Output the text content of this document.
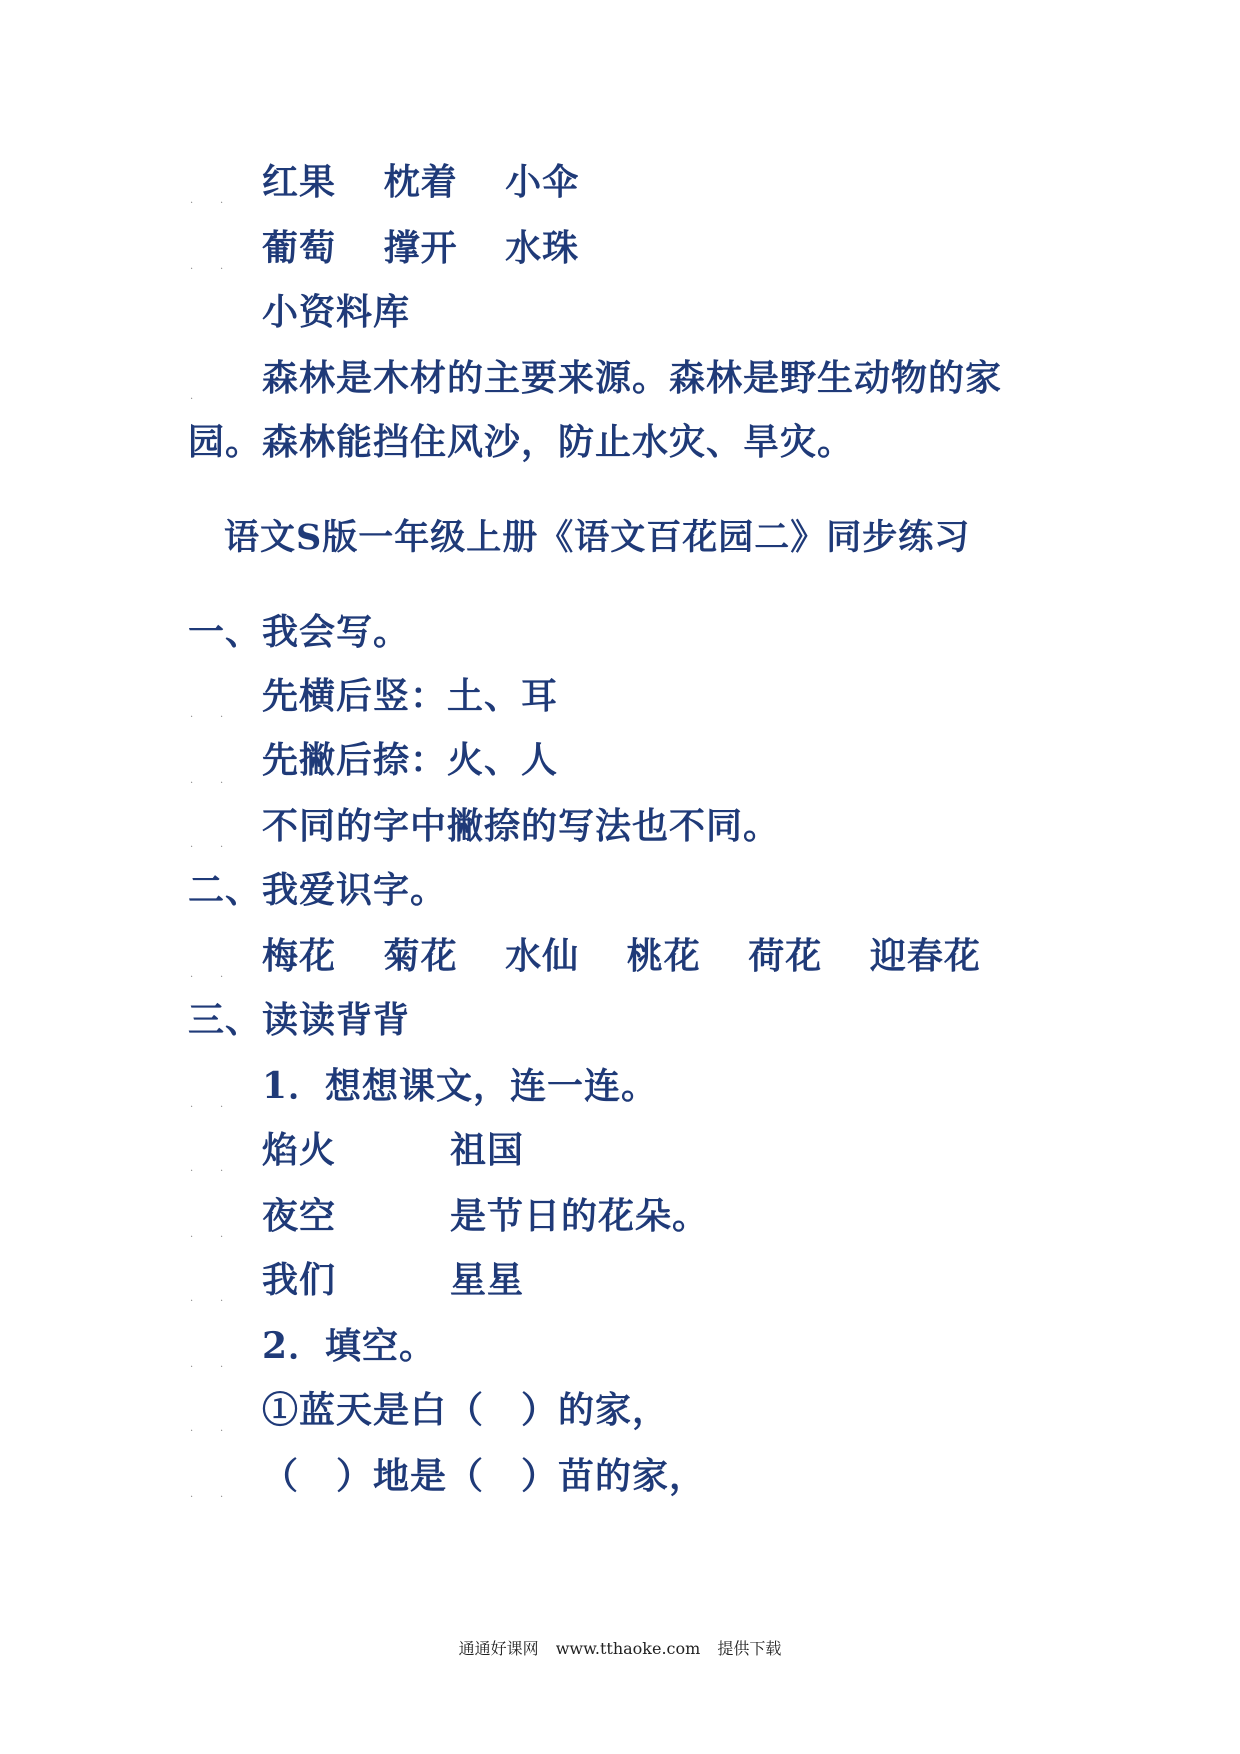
红果 枕着 小伞
葡萄 撑开 水珠
小资料库
森林是木材的主要来源。森林是野生动物的家
园。森林能挡住风沙，防止水灾、旱灾。
语文S版一年级上册《语文百花园二》同步练习
一、我会写。
先横后竖：土、耳
先撇后捺：火、人
不同的字中撇捺的写法也不同。
二、我爱识字。
梅花 菊花 水仙 桃花 荷花 迎春花
三、读读背背
1．想想课文，连一连。
焰火	祖国
夜空	是节日的花朵。
我们	星星
2．填空。
①蓝天是白（　）的家，
（　）地是（　）苗的家，
.	.
.	.
.
.	.
.	.
.	.
.	.
.	.
.	.
.	.
.	.
.	.
.	.
.	.
通通好课网 www.tthaoke.com 提供下载
